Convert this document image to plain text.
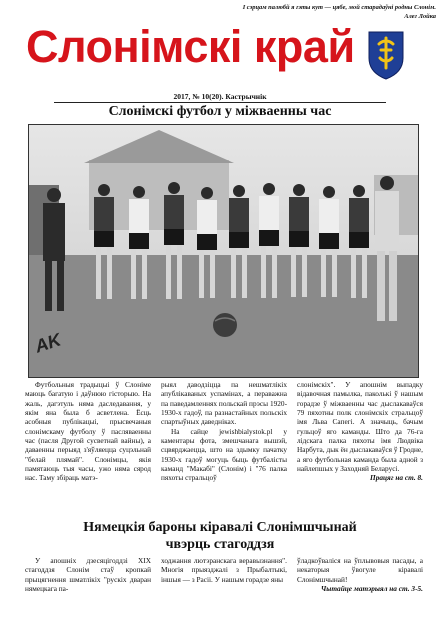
I сэрцам палюбй я гэты кут — цябе, мой старадаўні родны Слонім.
Алег Лойка
Слонімскі край
2017, № 10(20). Кастрычнік
Слонімскі футбол у міжваенны час
AK

Футбольныя традыцыі ў Слоніме маюць багатую і даўнюю гісторыю. На жаль, дагэтуль няма даследавання, у якім яна была б асветлена. Ёсць асобныя публікацыі, прысвечаныя слонімскаму футболу ў пасляваенны час (пасля Другой сусветнай вайны), а даваенны перыяд з'яўляецца суцэльнай "белай плямай". Слонімцы, якія памятаюць тыя часы, ужо няма сярод нас. Таму збіраць матэ-

рыял даводзіцца па нешматлікіх апублікаваных успамінах, а пераважна па паведамленнях польскай прэсы 1920-1930-х гадоў, па разнастайных польскіх спартыўных даведніках.

На сайце jewishbialystok.pl у каментары фота, змешчанага вышэй, сцвярджаецца, што на здымку пачатку 1930-х гадоў могуць быць футбалісты каманд "Макабі" (Слонім) і "76 палка пяхоты стральцоў

слонімскіх". У апошнім выпадку відавочная памылка, паколькі ў нашым горадзе ў міжваенны час дыслакаваўся 79 пяхотны полк слонімскіх стральцоў імя Льва Сапегі. А значыць, бачым гульцоў яго каманды. Што да 76-га лідскага палка пяхоты імя Людвіка Нарбута, дык ён дыслакаваўся ў Гродне, а яго футбольная каманда была адной з найлепшых у Заходняй Беларусі.

Працяг на ст. 8.
Нямецкія бароны кіравалі Слонімшчынай
чвэрць стагоддзя

У апошніх дзесяцігоддзі XIX стагоддзя Слонім стаў кропкай прыцягнення шматлікіх "рускіх дваран нямецкага па-

ходжання лютэранскага веравызнання". Многія прыязджалі з Прыбалтыкі, іншыя — з Расіі. У нашым горадзе яны

ўладкоўваліся на ўплывовыя пасады, а некаторыя ўвогуле кіравалі Слонімшчынай!

Чытайце матэрыял на ст. 3-5.
